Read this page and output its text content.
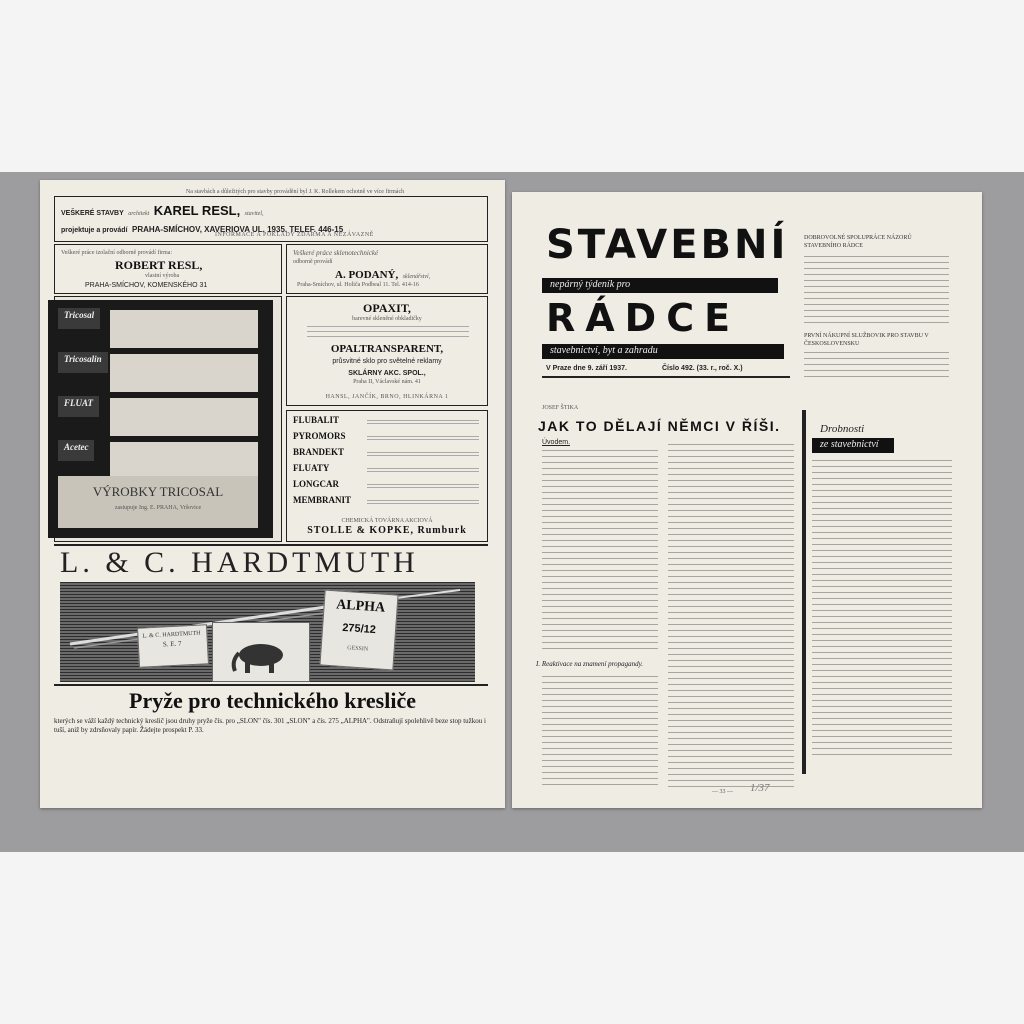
Na stavbách a důležitých pro stavby provádění byl J. K. Rollekem ochotně ve více firmách
VEŠKERÉ STAVBY architekt KAREL RESL, stavitel,
projektuje a provádí PRAHA-SMÍCHOV, XAVERIOVA UL. 1935. TELEF. 446-15
INFORMACE A POKLADY ZDARMA A NEZÁVAZNĚ
Veškeré práce izolační odborně provádí firma:
ROBERT RESL,
vlastní výroba
PRAHA-SMÍCHOV, KOMENSKÉHO 31
Veškeré práce sklenotechnické
odborně provádí
A. PODANÝ, sklenářství,
Praha-Smíchov, ul. Holiča Podbeal 11. Tel. 414-16
OPAXIT,
barevné skleněné obkladičky
OPALTRANSPARENT,
průsvitné sklo pro světelné reklamy
SKLÁRNY AKC. SPOL.,
Praha II, Václavské nám. 41
HANSL, JANČÍK, BRNO, HLINKÁRNA 1
FLUBALIT
PYROMORS
BRANDEKT
FLUATY
LONGCAR
MEMBRANIT
CHEMICKÁ TOVÁRNA AKCIOVÁ
STOLLE & KOPKE, Rumburk
Pryže pro technického kresliče
kterých se váží každý technický kreslič jsou druhy pryže čís. pro „SLON" čís. 301 „SLON" a čís. 275 „ALPHA". Odstraňují spolehlivě beze stop tužkou i tuší, aniž by zdrsňovaly papír. Žádejte prospekt P. 33.
Tricosal
Tricosalin
FLUAT
Acetec
VÝROBKY TRICOSAL
zastupuje Ing. E. PRAHA, Vršovice
L. & C. HARDTMUTH
L. & C. HARDTMUTH
S. E. 7
ALPHA
275/12
GESSIN
STAVEBNÍ
nepárný týdeník pro
RÁDCE
stavebnictví, byt a zahradu
V Praze dne 9. září 1937.	Číslo 492. (33. r., roč. X.)
DOBROVOLNÉ SPOLUPRÁCE NÁZORŮ STAVEBNÍHO RÁDCE
PRVNÍ NÁKUPNÍ SLUŽBOVIK PRO STAVBU V ČESKOSLOVENSKU
JOSEF ŠTIKA
JAK TO DĚLAJÍ NĚMCI V ŘÍŠI.
Úvodem.
I. Reaktivace na znamení propagandy.
Drobnosti
ze stavebnictví
— 33 — 1/37
